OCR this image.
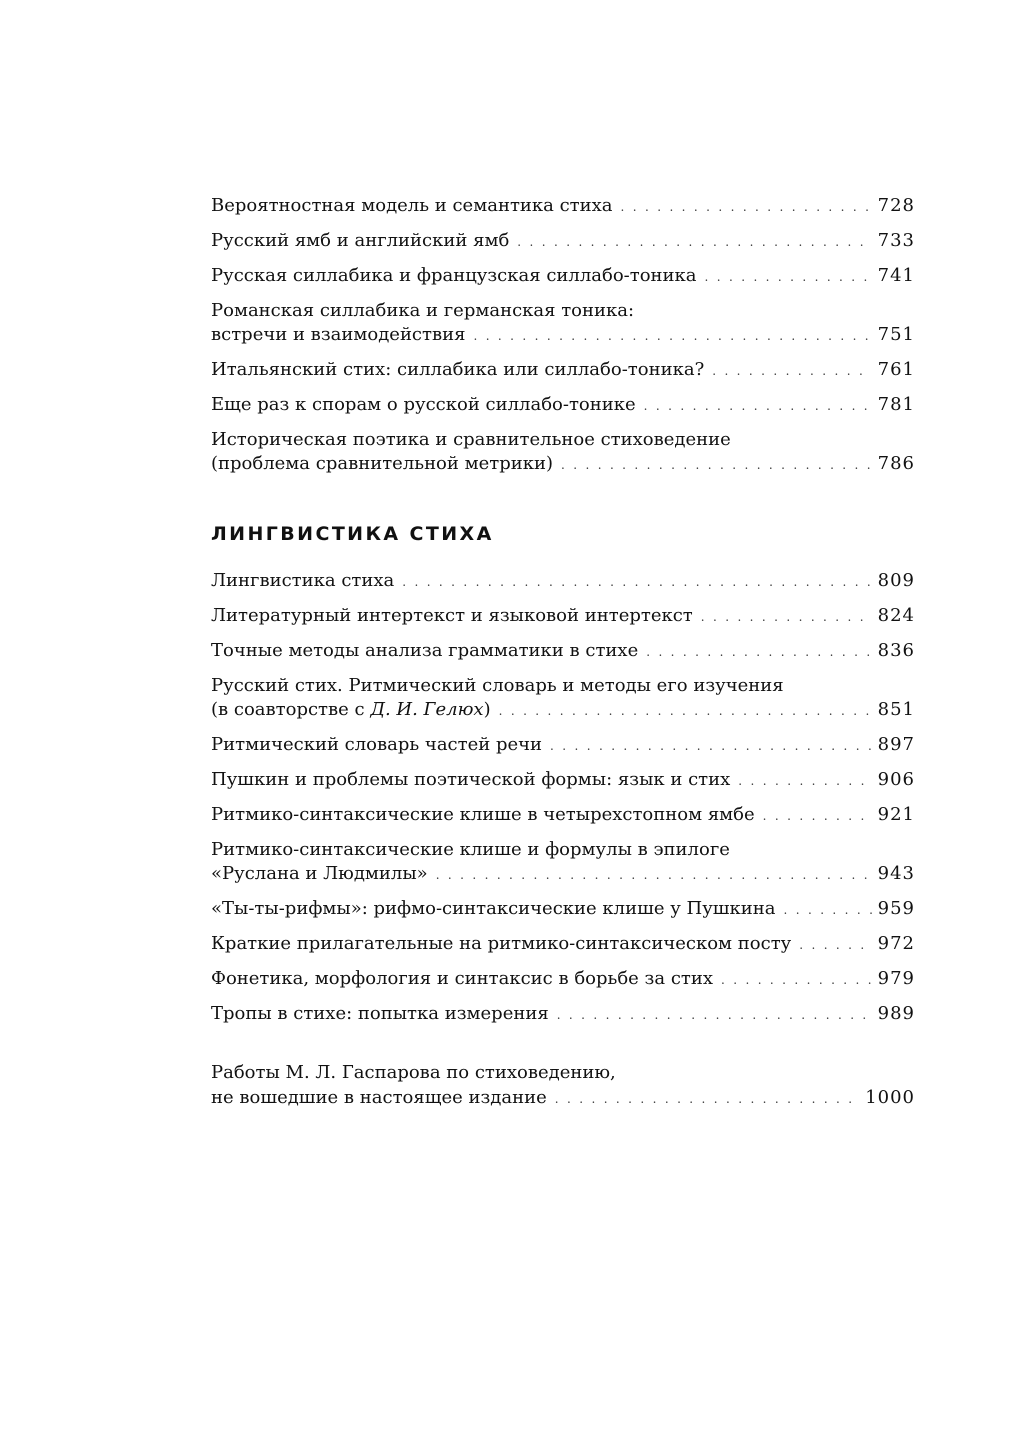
Вероятностная модель и семантика стиха . . .	728
Русский ямб и английский ямб . . .	733
Русская силлабика и французская силлабо-тоника . . .	741
Романская силлабика и германская тоника:
встречи и взаимодействия . . .	751
Итальянский стих: силлабика или силлабо-тоника? . . .	761
Еще раз к спорам о русской силлабо-тонике . . .	781
Историческая поэтика и сравнительное стиховедение
(проблема сравнительной метрики) . . .	786
ЛИНГВИСТИКА СТИХА
Лингвистика стиха . . .	809
Литературный интертекст и языковой интертекст . . .	824
Точные методы анализа грамматики в стихе . . .	836
Русский стих. Ритмический словарь и методы его изучения
(в соавторстве с Д. И. Гелюх) . . .	851
Ритмический словарь частей речи . . .	897
Пушкин и проблемы поэтической формы: язык и стих . . .	906
Ритмико-синтаксические клише в четырехстопном ямбе . . .	921
Ритмико-синтаксические клише и формулы в эпилоге
«Руслана и Людмилы» . . .	943
«Ты-ты-рифмы»: рифмо-синтаксические клише у Пушкина . . .	959
Краткие прилагательные на ритмико-синтаксическом посту . . .	972
Фонетика, морфология и синтаксис в борьбе за стих . . .	979
Тропы в стихе: попытка измерения . . .	989
Работы М. Л. Гаспарова по стиховедению,
не вошедшие в настоящее издание . . .	1000
